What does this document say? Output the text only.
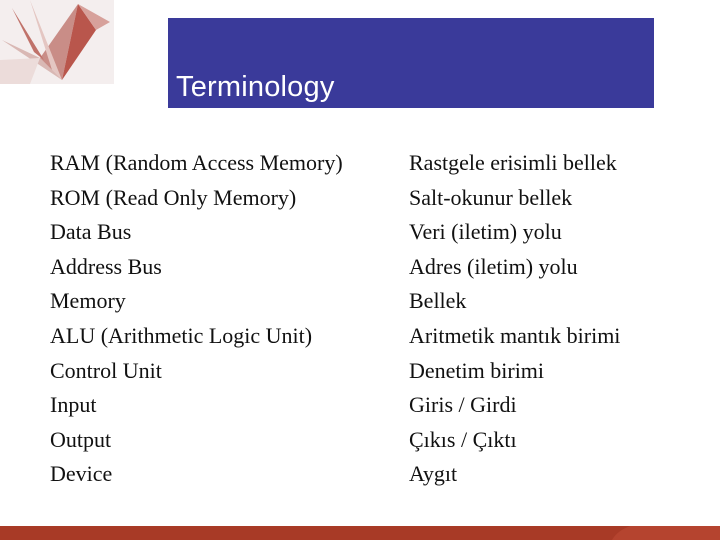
Terminology
RAM (Random Access Memory)
ROM (Read Only Memory)
Data Bus
Address Bus
Memory
ALU (Arithmetic Logic Unit)
Control Unit
Input
Output
Device
Rastgele erisimli bellek
Salt-okunur bellek
Veri (iletim) yolu
Adres (iletim) yolu
Bellek
Aritmetik mantık birimi
Denetim birimi
Giris / Girdi
Çıkıs / Çıktı
Aygıt
